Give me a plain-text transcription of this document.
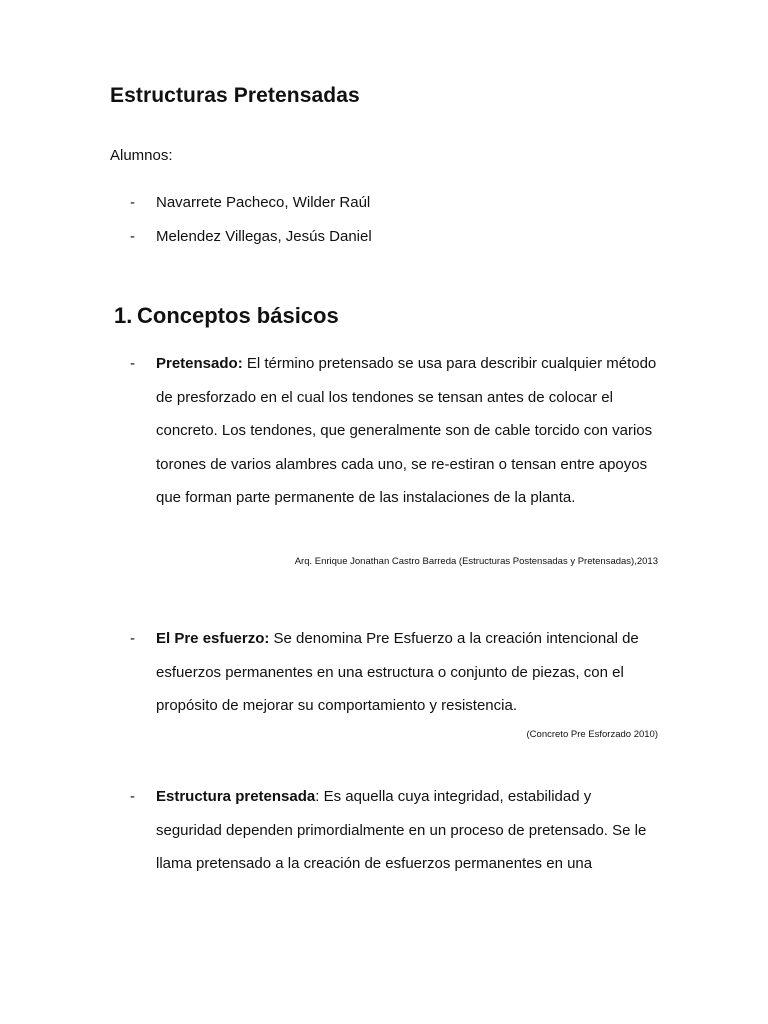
Estructuras Pretensadas

Alumnos:

- Navarrete Pacheco, Wilder Raúl

- Melendez Villegas, Jesús Daniel

1. Conceptos básicos
-	Pretensado: El término pretensado se usa para describir cualquier método de presforzado en el cual los tendones se tensan antes de colocar el concreto. Los tendones, que generalmente son de cable torcido con varios torones de varios alambres cada uno, se re-estiran o tensan entre apoyos que forman parte permanente de las instalaciones de la planta.

Arq. Enrique Jonathan Castro Barreda (Estructuras Postensadas y Pretensadas),2013

-	El Pre esfuerzo: Se denomina Pre Esfuerzo a la creación intencional de esfuerzos permanentes en una estructura o conjunto de piezas, con el propósito de mejorar su comportamiento y resistencia.

(Concreto Pre Esforzado 2010)

-	Estructura pretensada: Es aquella cuya integridad, estabilidad y seguridad dependen primordialmente en un proceso de pretensado. Se le llama pretensado a la creación de esfuerzos permanentes en una
